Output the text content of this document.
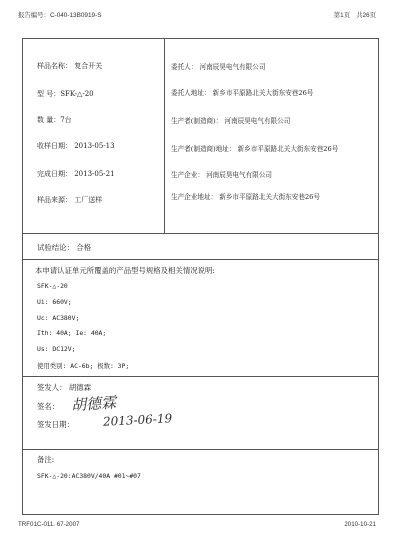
报告编号：C-040-13B0919-S	第1页 共26页
样品名称： 复合开关
型 号：SFK-△-20
数 量：7台
收样日期： 2013-05-13
完成日期： 2013-05-21
样品来源： 工厂送样
委托人： 河南辰昊电气有限公司
委托人地址： 新乡市平原路北关大街东安巷26号
生产者(制造商)： 河南辰昊电气有限公司
生产者(制造商)地址： 新乡市平原路北关大街东安巷26号
生产企业： 河南辰昊电气有限公司
生产企业地址： 新乡市平原路北关大街东安巷26号
试验结论： 合格
本申请认证单元所覆盖的产品型号规格及相关情况说明:
SFK-△-20
Ui: 660V;
Uc: AC380V;
Ith: 40A; Ie: 40A;
Us: DC12V;
使用类别: AC-6b; 极数: 3P;
签发人： 胡德霖
签名： 胡德霖
签发日期： 2013-06-19
备注:
SFK-△-20:AC380V/40A #01~#07
TRF01C-011. 67-2007	2010-10-21
